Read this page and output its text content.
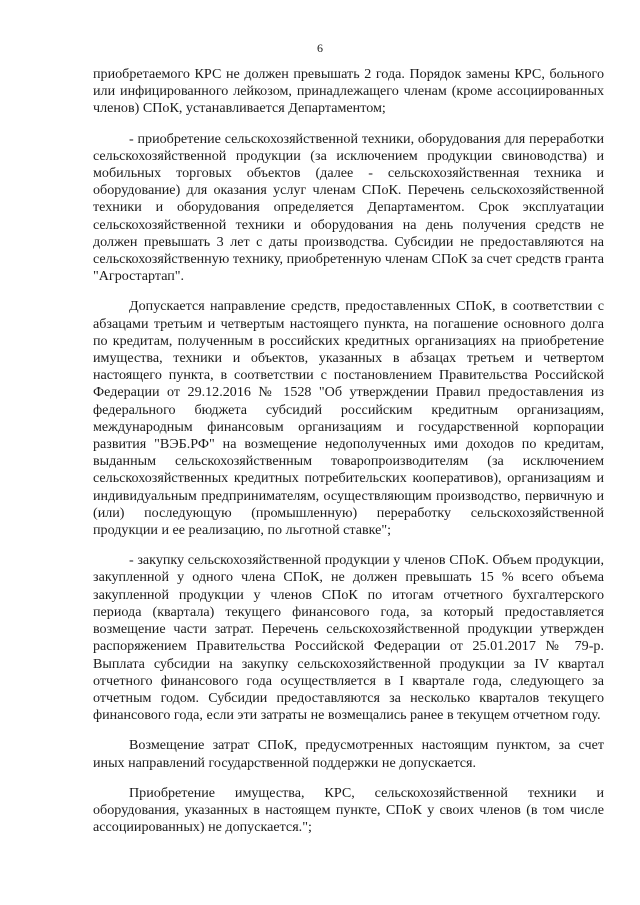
6

приобретаемого КРС не должен превышать 2 года. Порядок замены КРС, больного или инфицированного лейкозом, принадлежащего членам (кроме ассоциированных членов) СПоК, устанавливается Департаментом;

- приобретение сельскохозяйственной техники, оборудования для переработки сельскохозяйственной продукции (за исключением продукции свиноводства) и мобильных торговых объектов (далее - сельскохозяйственная техника и оборудование) для оказания услуг членам СПоК. Перечень сельскохозяйственной техники и оборудования определяется Департаментом. Срок эксплуатации сельскохозяйственной техники и оборудования на день получения средств не должен превышать 3 лет с даты производства. Субсидии не предоставляются на сельскохозяйственную технику, приобретенную членам СПоК за счет средств гранта "Агростартап".

Допускается направление средств, предоставленных СПоК, в соответствии с абзацами третьим и четвертым настоящего пункта, на погашение основного долга по кредитам, полученным в российских кредитных организациях на приобретение имущества, техники и объектов, указанных в абзацах третьем и четвертом настоящего пункта, в соответствии с постановлением Правительства Российской Федерации от 29.12.2016 № 1528 "Об утверждении Правил предоставления из федерального бюджета субсидий российским кредитным организациям, международным финансовым организациям и государственной корпорации развития "ВЭБ.РФ" на возмещение недополученных ими доходов по кредитам, выданным сельскохозяйственным товаропроизводителям (за исключением сельскохозяйственных кредитных потребительских кооперативов), организациям и индивидуальным предпринимателям, осуществляющим производство, первичную и (или) последующую (промышленную) переработку сельскохозяйственной продукции и ее реализацию, по льготной ставке";

- закупку сельскохозяйственной продукции у членов СПоК. Объем продукции, закупленной у одного члена СПоК, не должен превышать 15 % всего объема закупленной продукции у членов СПоК по итогам отчетного бухгалтерского периода (квартала) текущего финансового года, за который предоставляется возмещение части затрат. Перечень сельскохозяйственной продукции утвержден распоряжением Правительства Российской Федерации от 25.01.2017 № 79-р. Выплата субсидии на закупку сельскохозяйственной продукции за IV квартал отчетного финансового года осуществляется в I квартале года, следующего за отчетным годом. Субсидии предоставляются за несколько кварталов текущего финансового года, если эти затраты не возмещались ранее в текущем отчетном году.

Возмещение затрат СПоК, предусмотренных настоящим пунктом, за счет иных направлений государственной поддержки не допускается.

Приобретение имущества, КРС, сельскохозяйственной техники и оборудования, указанных в настоящем пункте, СПоК у своих членов (в том числе ассоциированных) не допускается.";
